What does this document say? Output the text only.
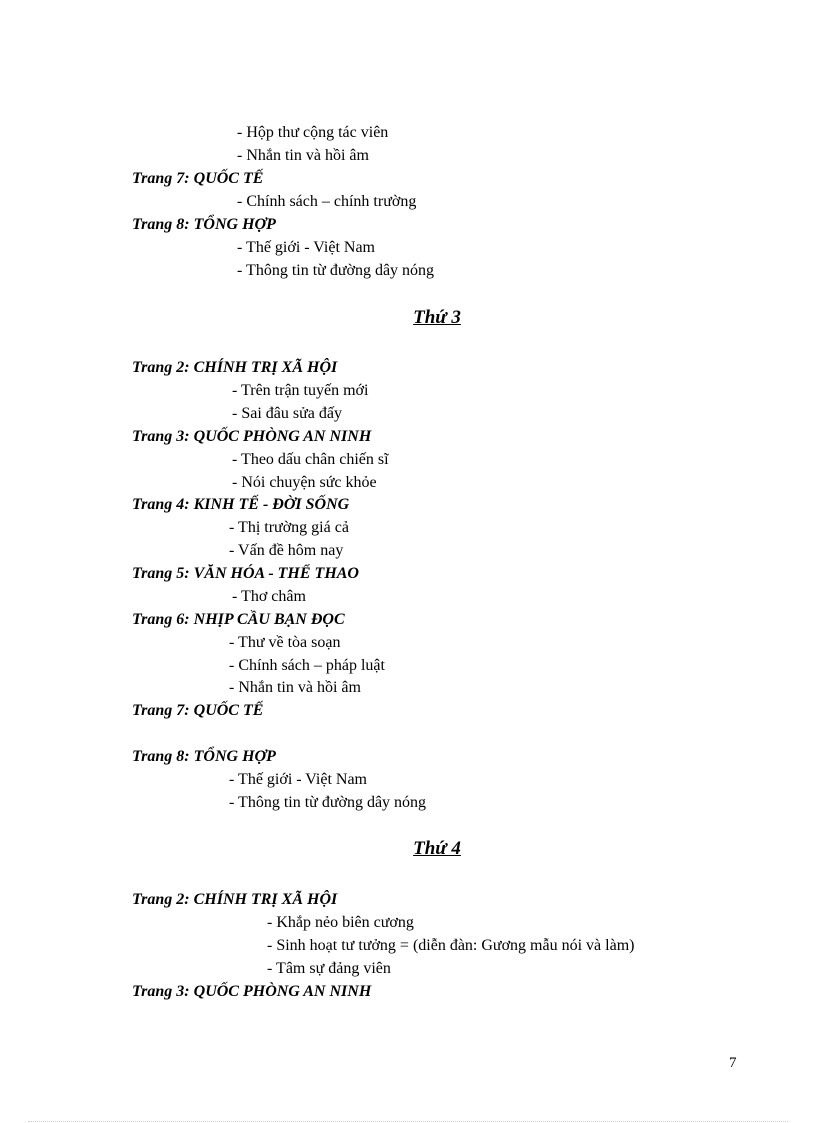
- Hộp thư cộng tác viên
- Nhắn tin và hồi âm
Trang 7: QUỐC TẾ
- Chính sách – chính trường
Trang 8: TỔNG HỢP
- Thế giới - Việt Nam
- Thông tin từ đường dây nóng
Thứ 3
Trang 2: CHÍNH TRỊ XÃ HỘI
- Trên trận tuyến mới
- Sai đâu sửa đấy
Trang 3: QUỐC PHÒNG AN NINH
- Theo dấu chân chiến sĩ
- Nói chuyện sức khỏe
Trang 4: KINH TẾ - ĐỜI SỐNG
- Thị trường giá cả
- Vấn đề hôm nay
Trang 5: VĂN HÓA - THỂ THAO
- Thơ châm
Trang 6: NHỊP CẦU BẠN ĐỌC
- Thư về tòa soạn
- Chính sách – pháp luật
- Nhắn tin và hồi âm
Trang 7: QUỐC TẾ
Trang 8: TỔNG HỢP
- Thế giới - Việt Nam
- Thông tin từ đường dây nóng
Thứ 4
Trang 2: CHÍNH TRỊ XÃ HỘI
- Khắp nẻo biên cương
- Sinh hoạt tư tưởng = (diễn đàn: Gương mẫu nói và làm)
- Tâm sự đảng viên
Trang 3: QUỐC PHÒNG AN NINH
7
